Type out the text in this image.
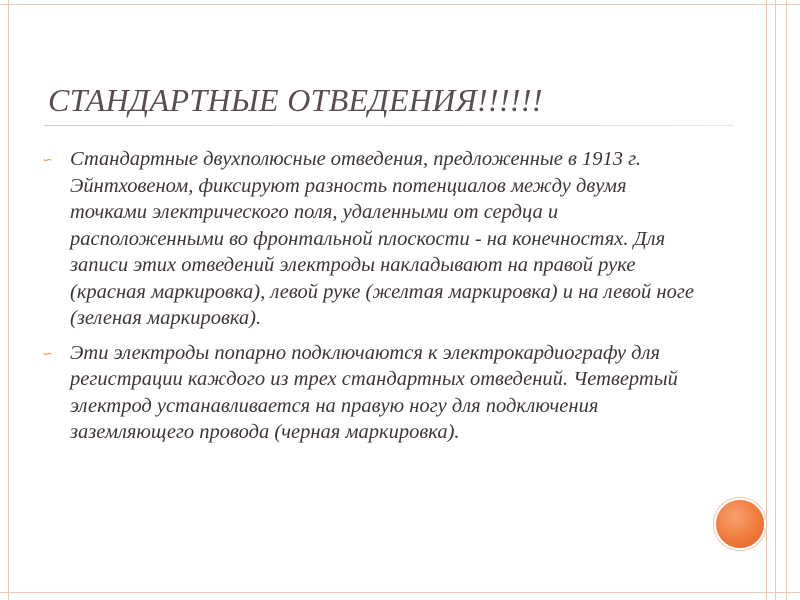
СТАНДАРТНЫЕ ОТВЕДЕНИЯ!!!!!!
∽ Стандартные двухполюсные отведения, предложенные в 1913 г. Эйнтховеном, фиксируют разность потенциалов между двумя точками электрического поля, удаленными от сердца и расположенными во фронтальной плоскости - на конечностях. Для записи этих отведений электроды накладывают на правой руке (красная маркировка), левой руке (желтая маркировка) и на левой ноге (зеленая маркировка).
∽ Эти электроды попарно подключаются к электрокардиографу для регистрации каждого из трех стандартных отведений. Четвертый электрод устанавливается на правую ногу для подключения заземляющего провода (черная маркировка).
